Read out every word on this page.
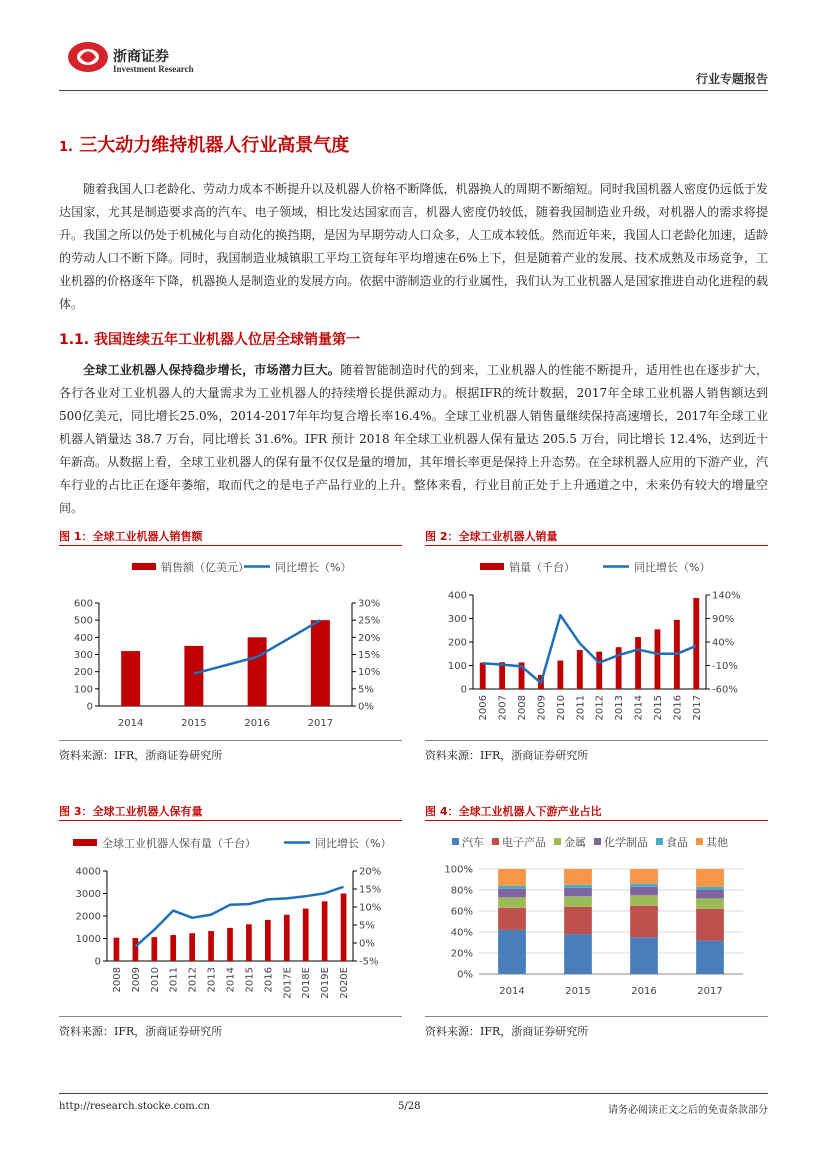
浙商证券
Investment Research
行业专题报告
1. 三大动力维持机器人行业高景气度

随着我国人口老龄化、劳动力成本不断提升以及机器人价格不断降低，机器换人的周期不断缩短。同时我国机器人密度仍远低于发达国家，尤其是制造要求高的汽车、电子领域，相比发达国家而言，机器人密度仍较低，随着我国制造业升级，对机器人的需求将提升。我国之所以仍处于机械化与自动化的换挡期，是因为早期劳动人口众多，人工成本较低。然而近年来，我国人口老龄化加速，适龄的劳动人口不断下降。同时，我国制造业城镇职工平均工资每年平均增速在6%上下，但是随着产业的发展、技术成熟及市场竞争，工业机器的价格逐年下降，机器换人是制造业的发展方向。依据中游制造业的行业属性，我们认为工业机器人是国家推进自动化进程的载体。

1.1. 我国连续五年工业机器人位居全球销量第一

全球工业机器人保持稳步增长，市场潜力巨大。随着智能制造时代的到来，工业机器人的性能不断提升，适用性也在逐步扩大， 各行各业对工业机器人的大量需求为工业机器人的持续增长提供源动力。根据IFR的统计数据，2017年全球工业机器人销售额达到500亿美元，同比增长25.0%，2014-2017年年均复合增长率16.4%。全球工业机器人销售量继续保持高速增长，2017年全球工业机器人销量达 38.7 万台，同比增长 31.6%。IFR 预计 2018 年全球工业机器人保有量达 205.5 万台，同比增长 12.4%，达到近十年新高。从数据上看，全球工业机器人的保有量不仅仅是量的增加，其年增长率更是保持上升态势。在全球机器人应用的下游产业，汽车行业的占比正在逐年萎缩，取而代之的是电子产品行业的上升。整体来看，行业目前正处于上升通道之中，未来仍有较大的增量空间。

图 1：全球工业机器人销售额
销售额（亿美元） 同比增长（%）
0
100
200
300
400
500
600
0%
5%
10%
15%
20%
25%
30%
2014	2015	2016	2017
资料来源：IFR，浙商证券研究所
图 2：全球工业机器人销量
销量（千台）	同比增长（%）
0
100
200
300
400
-60%
-10%
40%
90%
140%
2006 2007 2008 2009 2010 2011 2012 2013 2014 2015 2016 2017
资料来源：IFR，浙商证券研究所
图 3：全球工业机器人保有量
全球工业机器人保有量（千台）	同比增长（%）
0
1000
2000
3000
4000
-5%
0%
5%
10%
15%
20%
2008 2009 2010 2011 2012 2013 2014 2015 2016 2017E 2018E 2019E 2020E
资料来源：IFR，浙商证券研究所
图 4：全球工业机器人下游产业占比
汽车 电子产品 金属 化学制品 食品 其他
0%
20%
40%
60%
80%
100%
2014	2015	2016	2017
资料来源：IFR，浙商证券研究所
http://research.stocke.com.cn	5/28	请务必阅读正文之后的免责条款部分
